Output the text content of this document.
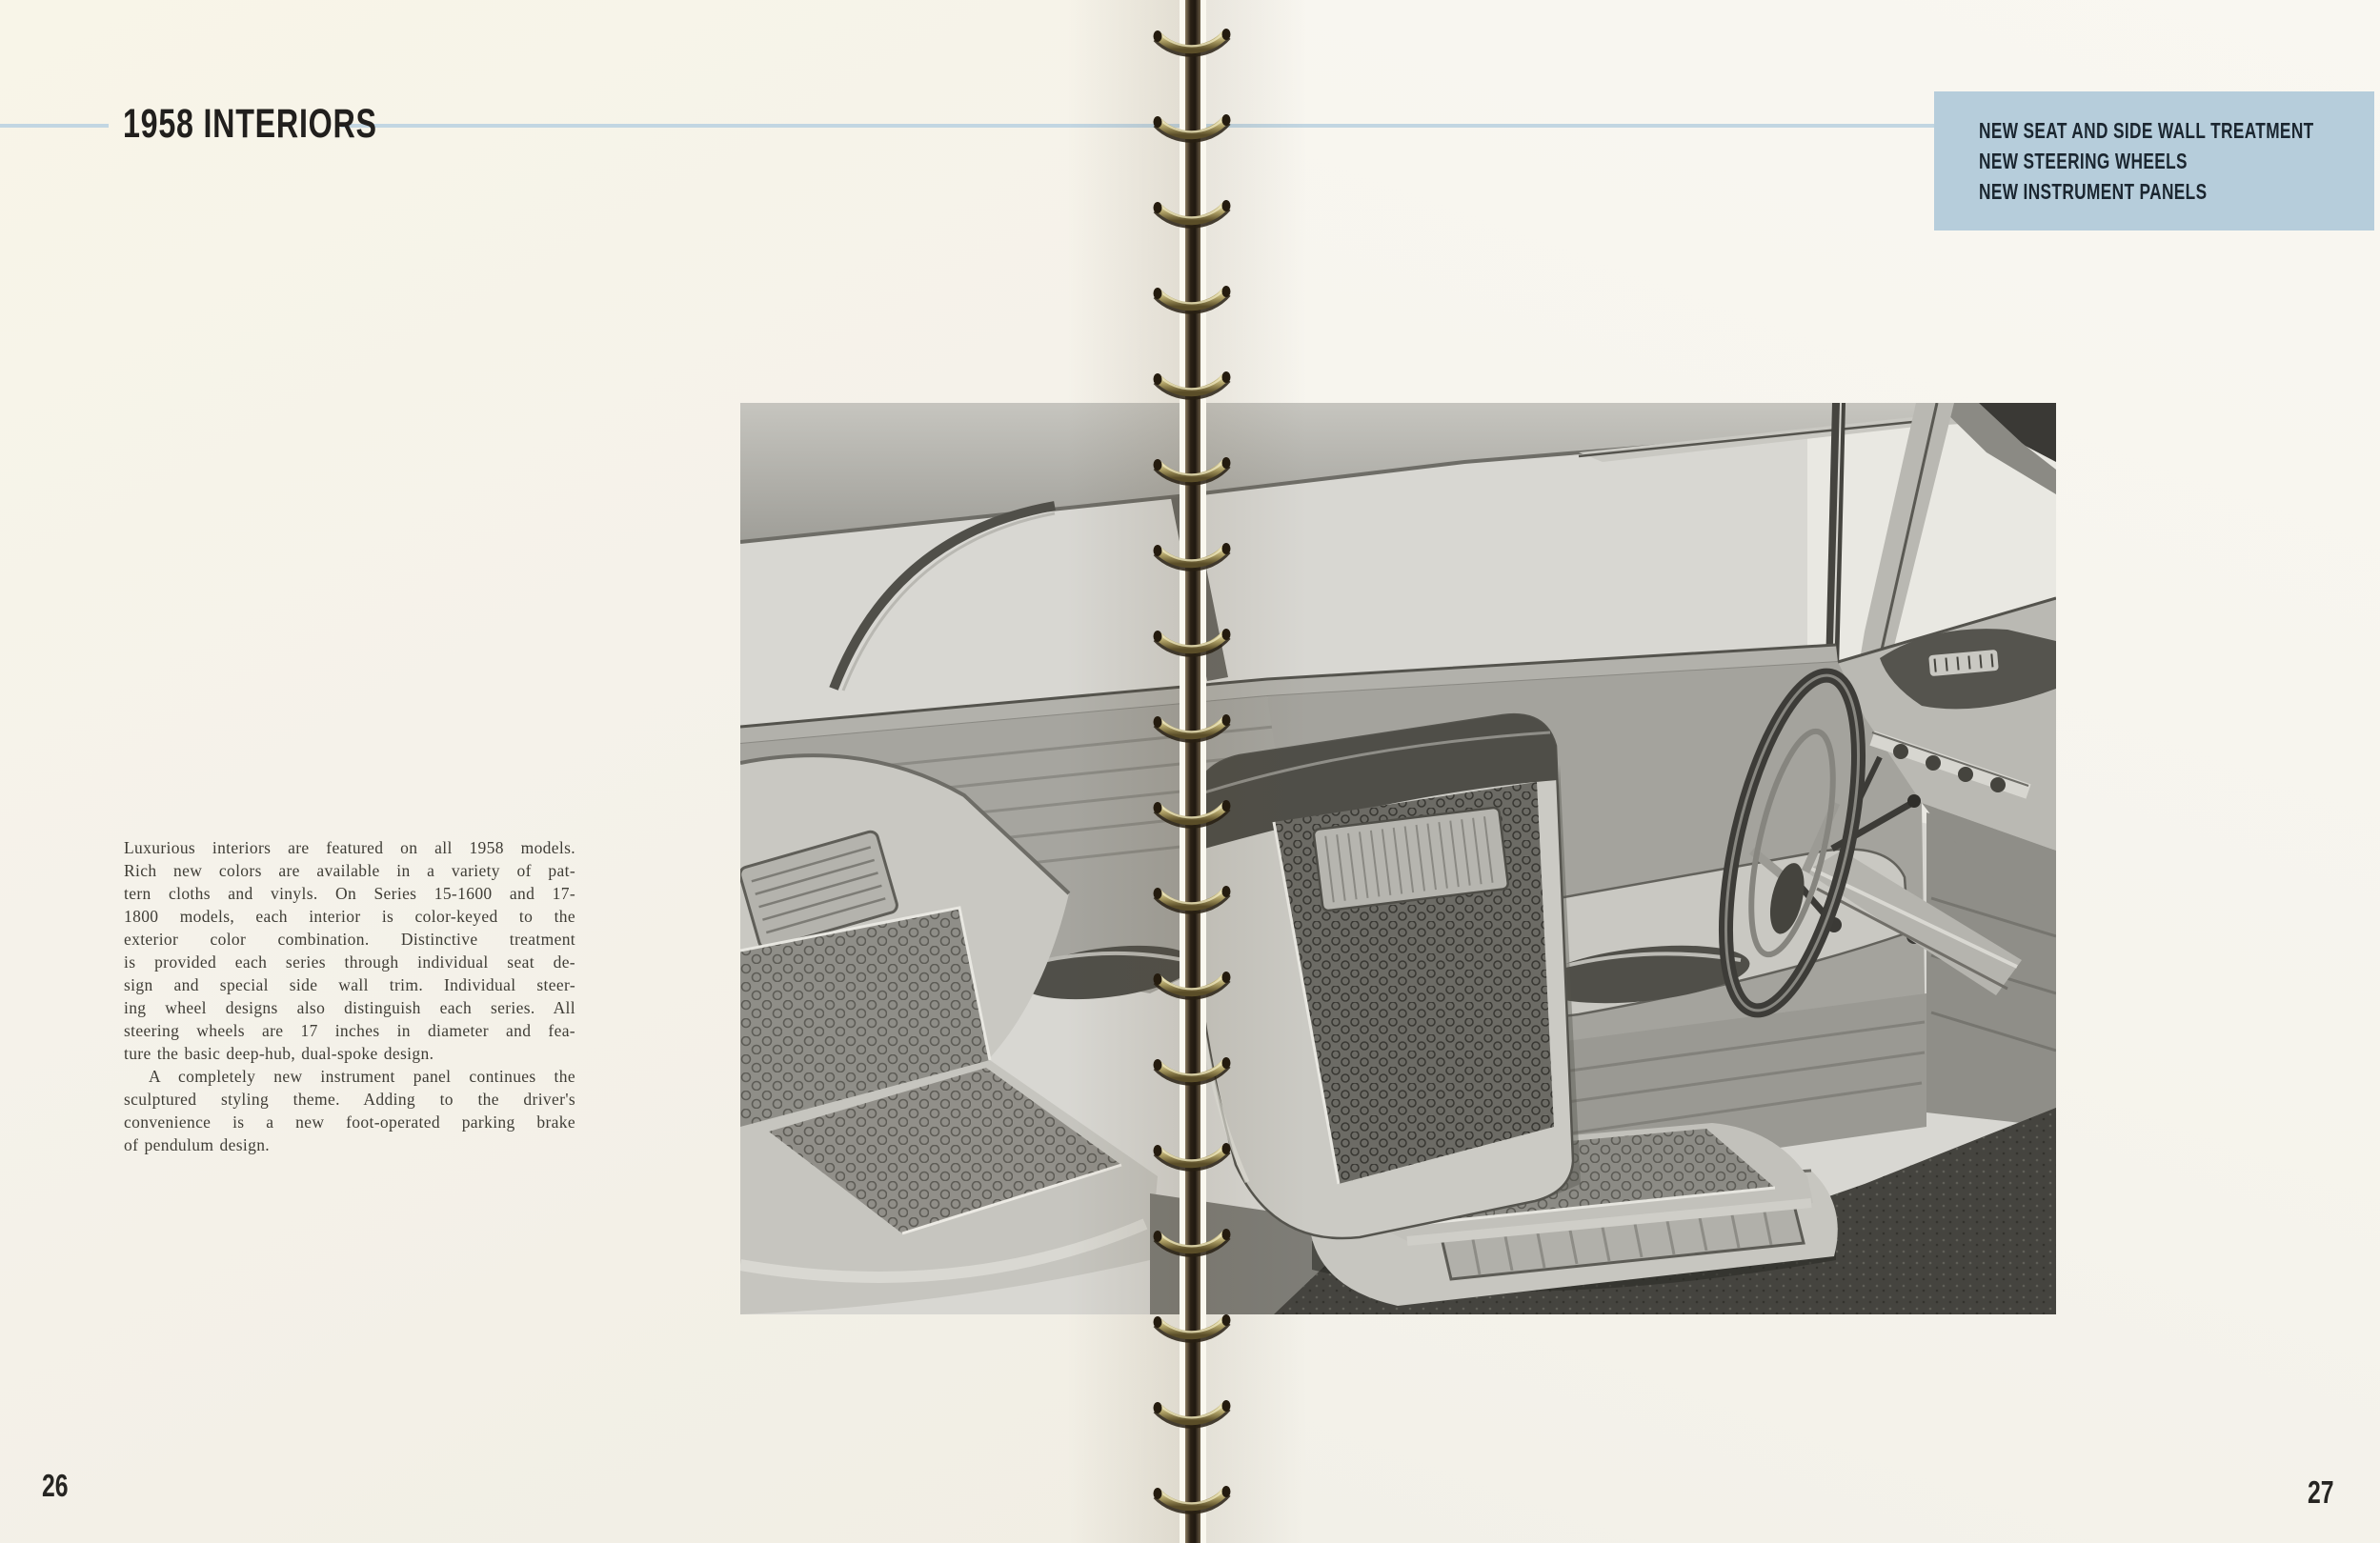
1958 INTERIORS	NEW SEAT AND SIDE WALL TREATMENT
NEW STEERING WHEELS
NEW INSTRUMENT PANELS
Luxurious interiors are featured on all 1958 models.
Rich new colors are available in a variety of pat-
tern cloths and vinyls. On Series 15-1600 and 17-
1800 models, each interior is color-keyed to the
exterior color combination. Distinctive treatment
is provided each series through individual seat de-
sign and special side wall trim. Individual steer-
ing wheel designs also distinguish each series. All
steering wheels are 17 inches in diameter and fea-
ture the basic deep-hub, dual-spoke design.
A completely new instrument panel continues the
sculptured styling theme. Adding to the driver's
convenience is a new foot-operated parking brake
of pendulum design.
26	27
